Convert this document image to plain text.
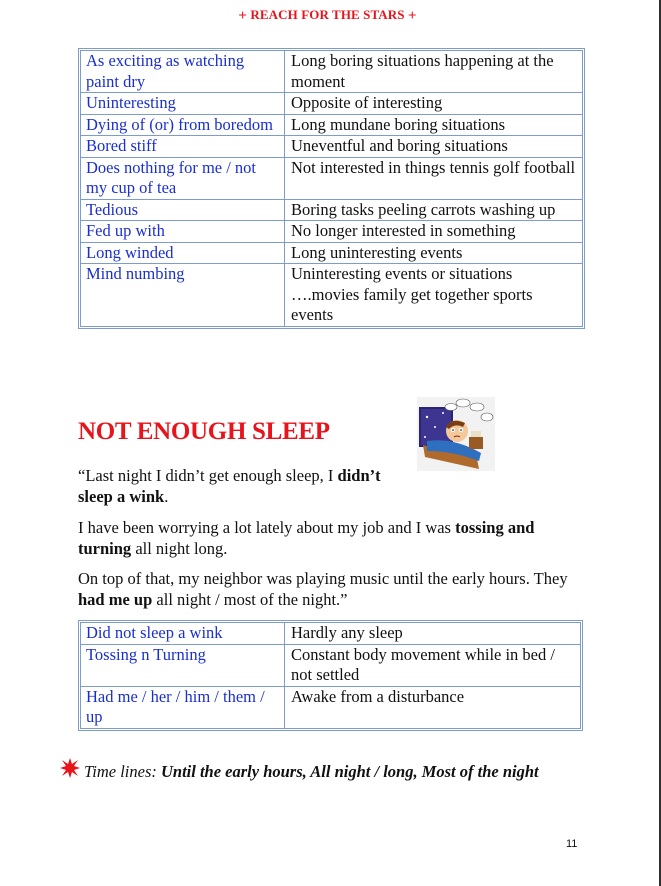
+ REACH FOR THE STARS +
As exciting as watching paint dry	Long boring situations happening at the moment
Uninteresting	Opposite of interesting
Dying of (or) from boredom	Long mundane boring situations
Bored stiff	Uneventful and boring situations
Does nothing for me / not my cup of tea	Not interested in things tennis golf football
Tedious	Boring tasks peeling carrots washing up
Fed up with	No longer interested in something
Long winded	Long uninteresting events
Mind numbing	Uninteresting events or situations ….movies family get together sports events
NOT ENOUGH SLEEP
“Last night I didn’t get enough sleep, I didn’t sleep a wink.
I have been worrying a lot lately about my job and I was tossing and turning all night long.
On top of that, my neighbor was playing music until the early hours. They had me up all night / most of the night.”
Did not sleep a wink	Hardly any sleep
Tossing n Turning	Constant body movement while in bed / not settled
Had me / her / him / them / up	Awake from a disturbance
Time lines: Until the early hours, All night / long, Most of the night
11
